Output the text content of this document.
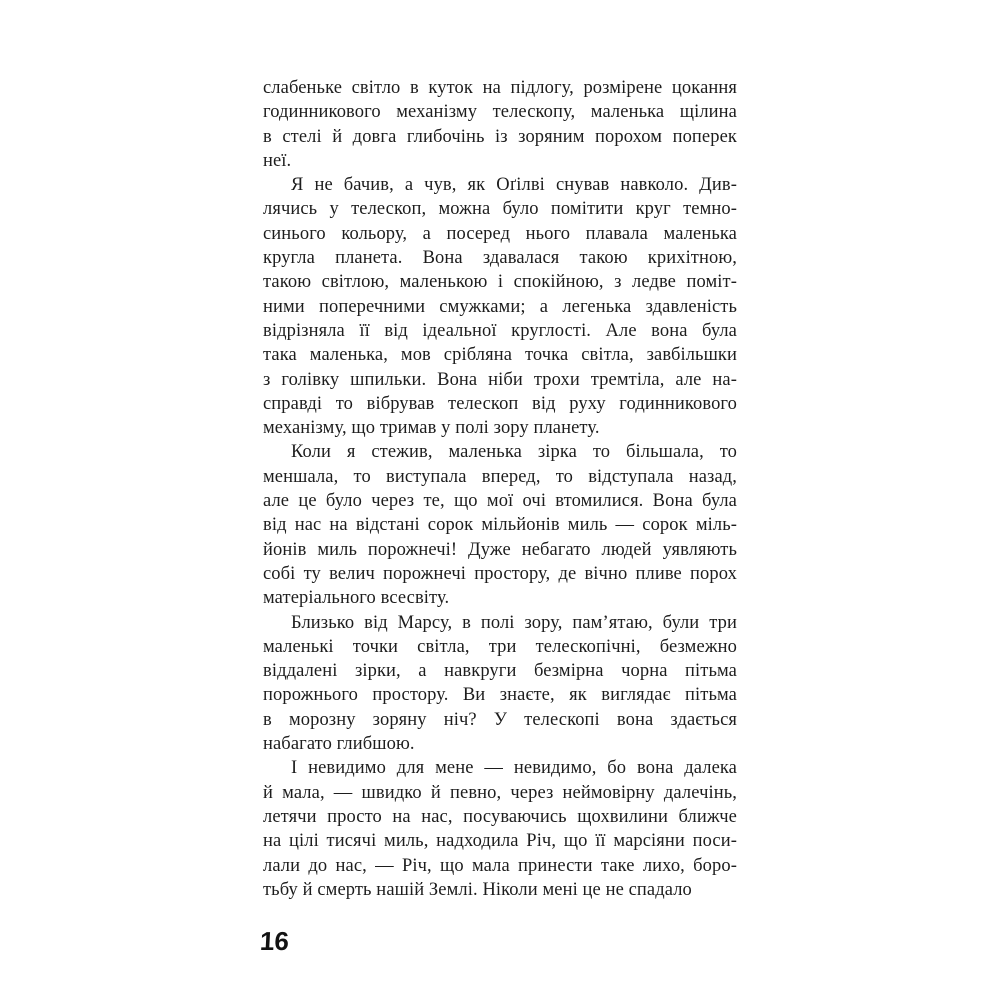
слабеньке світло в куток на підлогу, розмірене цокання
годинникового механізму телескопу, маленька щілина
в стелі й довга глибочінь із зоряним порохом поперек
неї.
Я не бачив, а чув, як Оґілві снував навколо. Див-
лячись у телескоп, можна було помітити круг темно-
синього кольору, а посеред нього плавала маленька
кругла планета. Вона здавалася такою крихітною,
такою світлою, маленькою і спокійною, з ледве поміт-
ними поперечними смужками; а легенька здавленість
відрізняла її від ідеальної круглості. Але вона була
така маленька, мов срібляна точка світла, завбільшки
з голівку шпильки. Вона ніби трохи тремтіла, але на-
справді то вібрував телескоп від руху годинникового
механізму, що тримав у полі зору планету.
Коли я стежив, маленька зірка то більшала, то
меншала, то виступала вперед, то відступала назад,
але це було через те, що мої очі втомилися. Вона була
від нас на відстані сорок мільйонів миль — сорок міль-
йонів миль порожнечі! Дуже небагато людей уявляють
собі ту велич порожнечі простору, де вічно пливе порох
матеріального всесвіту.
Близько від Марсу, в полі зору, пам’ятаю, були три
маленькі точки світла, три телескопічні, безмежно
віддалені зірки, а навкруги безмірна чорна пітьма
порожнього простору. Ви знаєте, як виглядає пітьма
в морозну зоряну ніч? У телескопі вона здається
набагато глибшою.
І невидимо для мене — невидимо, бо вона далека
й мала, — швидко й певно, через неймовірну далечінь,
летячи просто на нас, посуваючись щохвилини ближче
на цілі тисячі миль, надходила Річ, що її марсіяни поси-
лали до нас, — Річ, що мала принести таке лихо, боро-
тьбу й смерть нашій Землі. Ніколи мені це не спадало
16
